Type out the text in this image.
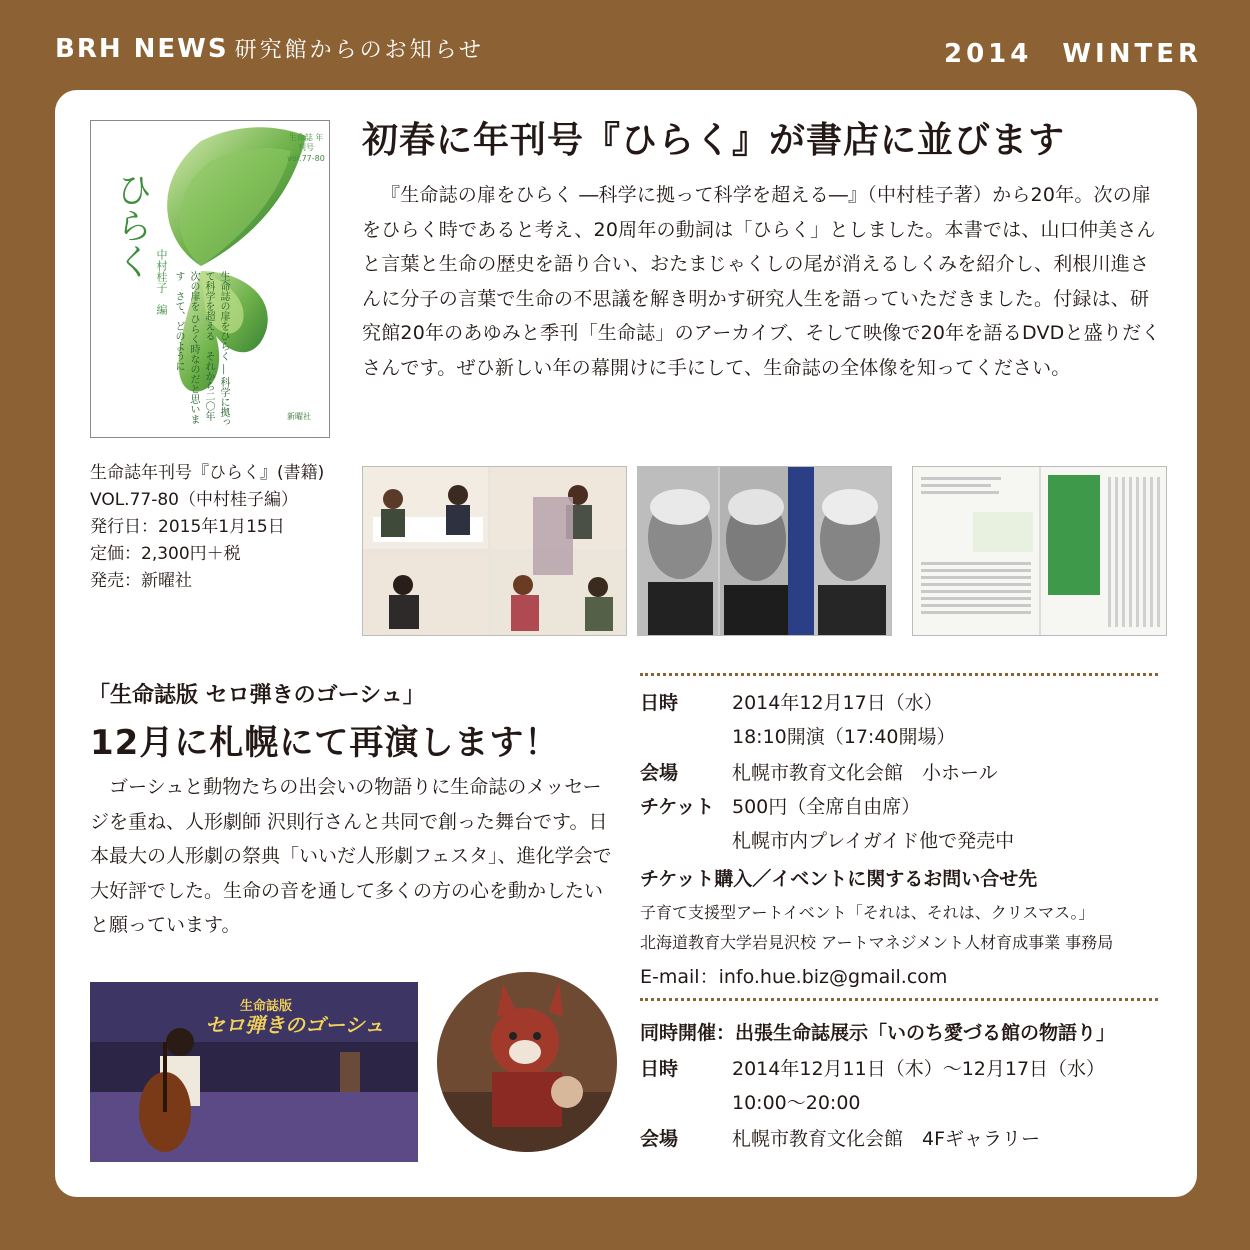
BRH NEWS 研究館からのお知らせ	2014　WINTER
生命誌 年刊号 vol.77-80
ひらく
中村桂子　編	生命誌の扉をひらく ― 科学に拠って科学を超える　それから二〇年　次の扉を ひらく時なのだと思います　さて、どのように
新曜社
生命誌年刊号『ひらく』(書籍)
VOL.77-80（中村桂子編）
発行日：2015年1月15日
定価：2,300円＋税
発売：新曜社
初春に年刊号『ひらく』が書店に並びます
『生命誌の扉をひらく ―科学に拠って科学を超える―』（中村桂子著）から20年。次の扉をひらく時であると考え、20周年の動詞は「ひらく」としました。本書では、山口仲美さんと言葉と生命の歴史を語り合い、おたまじゃくしの尾が消えるしくみを紹介し、利根川進さんに分子の言葉で生命の不思議を解き明かす研究人生を語っていただきました。付録は、研究館20年のあゆみと季刊「生命誌」のアーカイブ、そして映像で20年を語るDVDと盛りだくさんです。ぜひ新しい年の幕開けに手にして、生命誌の全体像を知ってください。
「生命誌版 セロ弾きのゴーシュ」
12月に札幌にて再演します！
ゴーシュと動物たちの出会いの物語りに生命誌のメッセージを重ね、人形劇師 沢則行さんと共同で創った舞台です。日本最大の人形劇の祭典「いいだ人形劇フェスタ」、進化学会で大好評でした。生命の音を通して多くの方の心を動かしたいと願っています。
生命誌版
セロ弾きのゴーシュ
日時	2014年12月17日（水）
18:10開演（17:40開場）
会場	札幌市教育文化会館　小ホール
チケット 500円（全席自由席）
札幌市内プレイガイド他で発売中
チケット購入／イベントに関するお問い合せ先
子育て支援型アートイベント「それは、それは、クリスマス。」
北海道教育大学岩見沢校 アートマネジメント人材育成事業 事務局
E-mail：info.hue.biz@gmail.com
同時開催：出張生命誌展示「いのち愛づる館の物語り」
日時	2014年12月11日（木）～12月17日（水）
10:00～20:00
会場	札幌市教育文化会館　4Fギャラリー
